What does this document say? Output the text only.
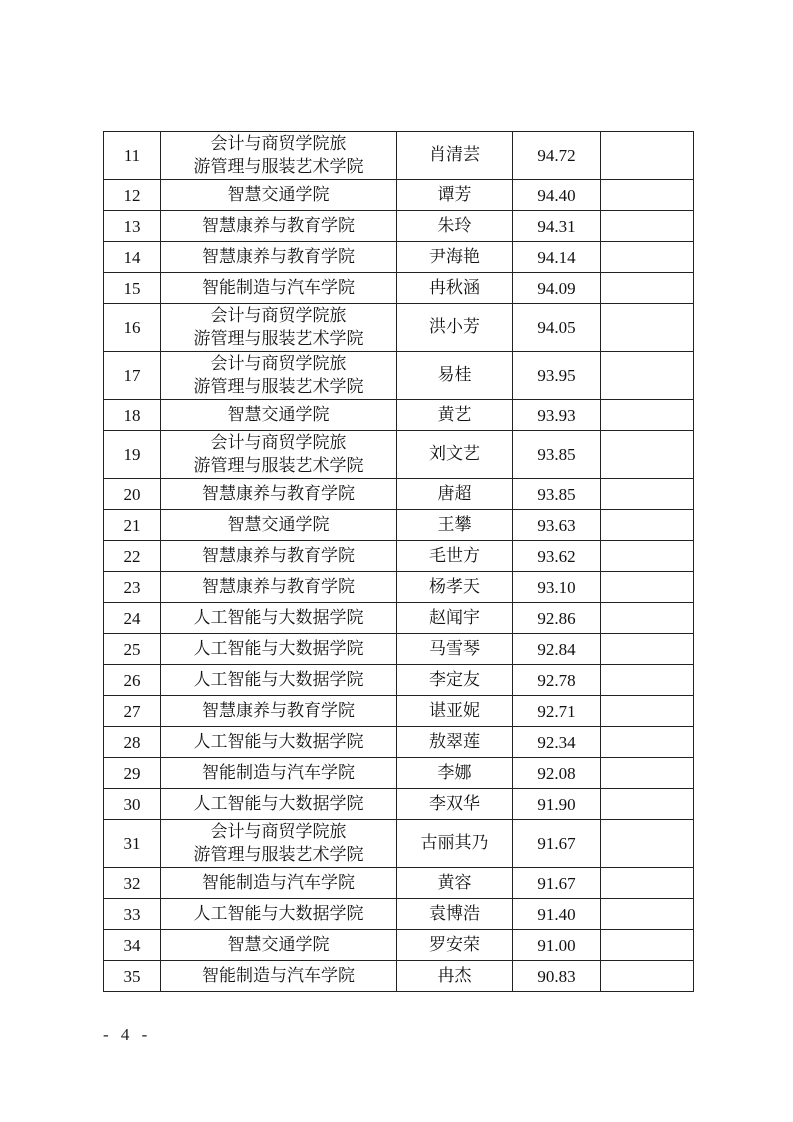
11	会计与商贸学院旅
游管理与服装艺术学院	肖清芸	94.72	
12	智慧交通学院	谭芳	94.40	
13	智慧康养与教育学院	朱玲	94.31	
14	智慧康养与教育学院	尹海艳	94.14	
15	智能制造与汽车学院	冉秋涵	94.09	
16	会计与商贸学院旅
游管理与服装艺术学院	洪小芳	94.05	
17	会计与商贸学院旅
游管理与服装艺术学院	易桂	93.95	
18	智慧交通学院	黄艺	93.93	
19	会计与商贸学院旅
游管理与服装艺术学院	刘文艺	93.85	
20	智慧康养与教育学院	唐超	93.85	
21	智慧交通学院	王攀	93.63	
22	智慧康养与教育学院	毛世方	93.62	
23	智慧康养与教育学院	杨孝天	93.10	
24	人工智能与大数据学院	赵闻宇	92.86	
25	人工智能与大数据学院	马雪琴	92.84	
26	人工智能与大数据学院	李定友	92.78	
27	智慧康养与教育学院	谌亚妮	92.71	
28	人工智能与大数据学院	敖翠莲	92.34	
29	智能制造与汽车学院	李娜	92.08	
30	人工智能与大数据学院	李双华	91.90	
31	会计与商贸学院旅
游管理与服装艺术学院	古丽其乃	91.67	
32	智能制造与汽车学院	黄容	91.67	
33	人工智能与大数据学院	袁博浩	91.40	
34	智慧交通学院	罗安荣	91.00	
35	智能制造与汽车学院	冉杰	90.83	
- 4 -
